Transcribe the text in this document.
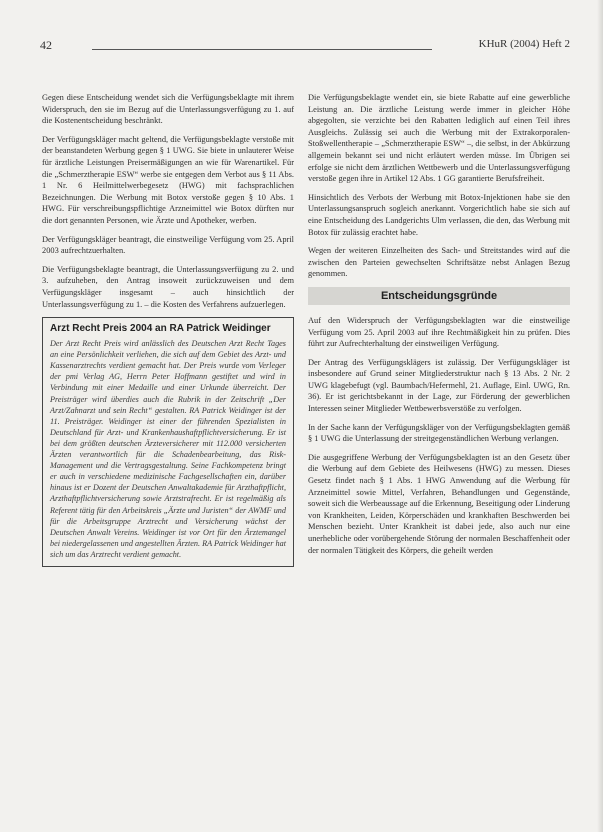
42	KHuR (2004) Heft 2

Gegen diese Entscheidung wendet sich die Verfügungsbeklagte mit ihrem Widerspruch, den sie im Bezug auf die Unterlassungsverfügung zu 1. auf die Kostenentscheidung beschränkt.

Der Verfügungskläger macht geltend, die Verfügungsbeklagte verstoße mit der beanstandeten Werbung gegen § 1 UWG. Sie biete in unlauterer Weise für ärztliche Leistungen Preisermäßigungen an wie für Warenartikel. Für die „Schmerztherapie ESW“ werbe sie entgegen dem Verbot aus § 11 Abs. 1 Nr. 6 Heilmittelwerbegesetz (HWG) mit fachsprachlichen Bezeichnungen. Die Werbung mit Botox verstoße gegen § 10 Abs. 1 HWG. Für verschreibungspflichtige Arzneimittel wie Botox dürften nur die dort genannten Personen, wie Ärzte und Apotheker, werben.

Der Verfügungskläger beantragt, die einstweilige Verfügung vom 25. April 2003 aufrechtzuerhalten.

Die Verfügungsbeklagte beantragt, die Unterlassungsverfügung zu 2. und 3. aufzuheben, den Antrag insoweit zurückzuweisen und dem Verfügungskläger insgesamt – auch hinsichtlich der Unterlassungsverfügung zu 1. – die Kosten des Verfahrens aufzuerlegen.

Arzt Recht Preis 2004 an RA Patrick Weidinger
Der Arzt Recht Preis wird anlässlich des Deutschen Arzt Recht Tages an eine Persönlichkeit verliehen, die sich auf dem Gebiet des Arzt- und Kassenarztrechts verdient gemacht hat. Der Preis wurde vom Verleger der pmi Verlag AG, Herrn Peter Hoffmann gestiftet und wird in Verbindung mit einer Medaille und einer Urkunde überreicht. Der Preisträger wird überdies auch die Rubrik in der Zeitschrift „Der Arzt/Zahnarzt und sein Recht“ gestalten. RA Patrick Weidinger ist der 11. Preisträger. Weidinger ist einer der führenden Spezialisten in Deutschland für Arzt- und Krankenhaushaftpflichtversicherung. Er ist bei dem größten deutschen Ärzteversicherer mit 112.000 versicherten Ärzten verantwortlich für die Schadenbearbeitung, das Risk-Management und die Vertragsgestaltung. Seine Fachkompetenz bringt er auch in verschiedene medizinische Fachgesellschaften ein, darüber hinaus ist er Dozent der Deutschen Anwaltakademie für Arzthaftpflicht, Arzthaftpflichtversicherung sowie Arztstrafrecht. Er ist regelmäßig als Referent tätig für den Arbeitskreis „Ärzte und Juristen“ der AWMF und für die Arbeitsgruppe Arztrecht und Versicherung wächst der Deutschen Anwalt Vereins. Weidinger ist vor Ort für den Ärztemangel bei niedergelassenen und angestellten Ärzten. RA Patrick Weidinger hat sich um das Arztrecht verdient gemacht.

Die Verfügungsbeklagte wendet ein, sie biete Rabatte auf eine gewerbliche Leistung an. Die ärztliche Leistung werde immer in gleicher Höhe abgegolten, sie verzichte bei den Rabatten lediglich auf einen Teil ihres Ausgleichs. Zulässig sei auch die Werbung mit der Extrakorporalen-Stoßwellentherapie – „Schmerztherapie ESW“ –, die selbst, in der Abkürzung allgemein bekannt sei und nicht erläutert werden müsse. Im Übrigen sei erfolge sie nicht dem ärztlichen Wettbewerb und die Unterlassungsverfügung verstoße gegen ihre in Artikel 12 Abs. 1 GG garantierte Berufsfreiheit.

Hinsichtlich des Verbots der Werbung mit Botox-Injektionen habe sie den Unterlassungsanspruch sogleich anerkannt. Vorgerichtlich habe sie sich auf eine Entscheidung des Landgerichts Ulm verlassen, die den, das Werbung mit Botox für zulässig erachtet habe.

Wegen der weiteren Einzelheiten des Sach- und Streitstandes wird auf die zwischen den Parteien gewechselten Schriftsätze nebst Anlagen Bezug genommen.

Entscheidungsgründe

Auf den Widerspruch der Verfügungsbeklagten war die einstweilige Verfügung vom 25. April 2003 auf ihre Rechtmäßigkeit hin zu prüfen. Dies führt zur Aufrechterhaltung der einstweiligen Verfügung.

Der Antrag des Verfügungsklägers ist zulässig. Der Verfügungskläger ist insbesondere auf Grund seiner Mitgliederstruktur nach § 13 Abs. 2 Nr. 2 UWG klagebefugt (vgl. Baumbach/Hefermehl, 21. Auflage, Einl. UWG, Rn. 36). Er ist gerichtsbekannt in der Lage, zur Förderung der gewerblichen Interessen seiner Mitglieder Wettbewerbsverstöße zu verfolgen.

In der Sache kann der Verfügungskläger von der Verfügungsbeklagten gemäß § 1 UWG die Unterlassung der streitgegenständlichen Werbung verlangen.

Die ausgegriffene Werbung der Verfügungsbeklagten ist an den Gesetz über die Werbung auf dem Gebiete des Heilwesens (HWG) zu messen. Dieses Gesetz findet nach § 1 Abs. 1 HWG Anwendung auf die Werbung für Arzneimittel sowie Mittel, Verfahren, Behandlungen und Gegenstände, soweit sich die Werbeaussage auf die Erkennung, Beseitigung oder Linderung von Krankheiten, Leiden, Körperschäden und krankhaften Beschwerden bei Menschen bezieht. Unter Krankheit ist dabei jede, also auch nur eine unerhebliche oder vorübergehende Störung der normalen Beschaffenheit oder der normalen Tätigkeit des Körpers, die geheilt werden
